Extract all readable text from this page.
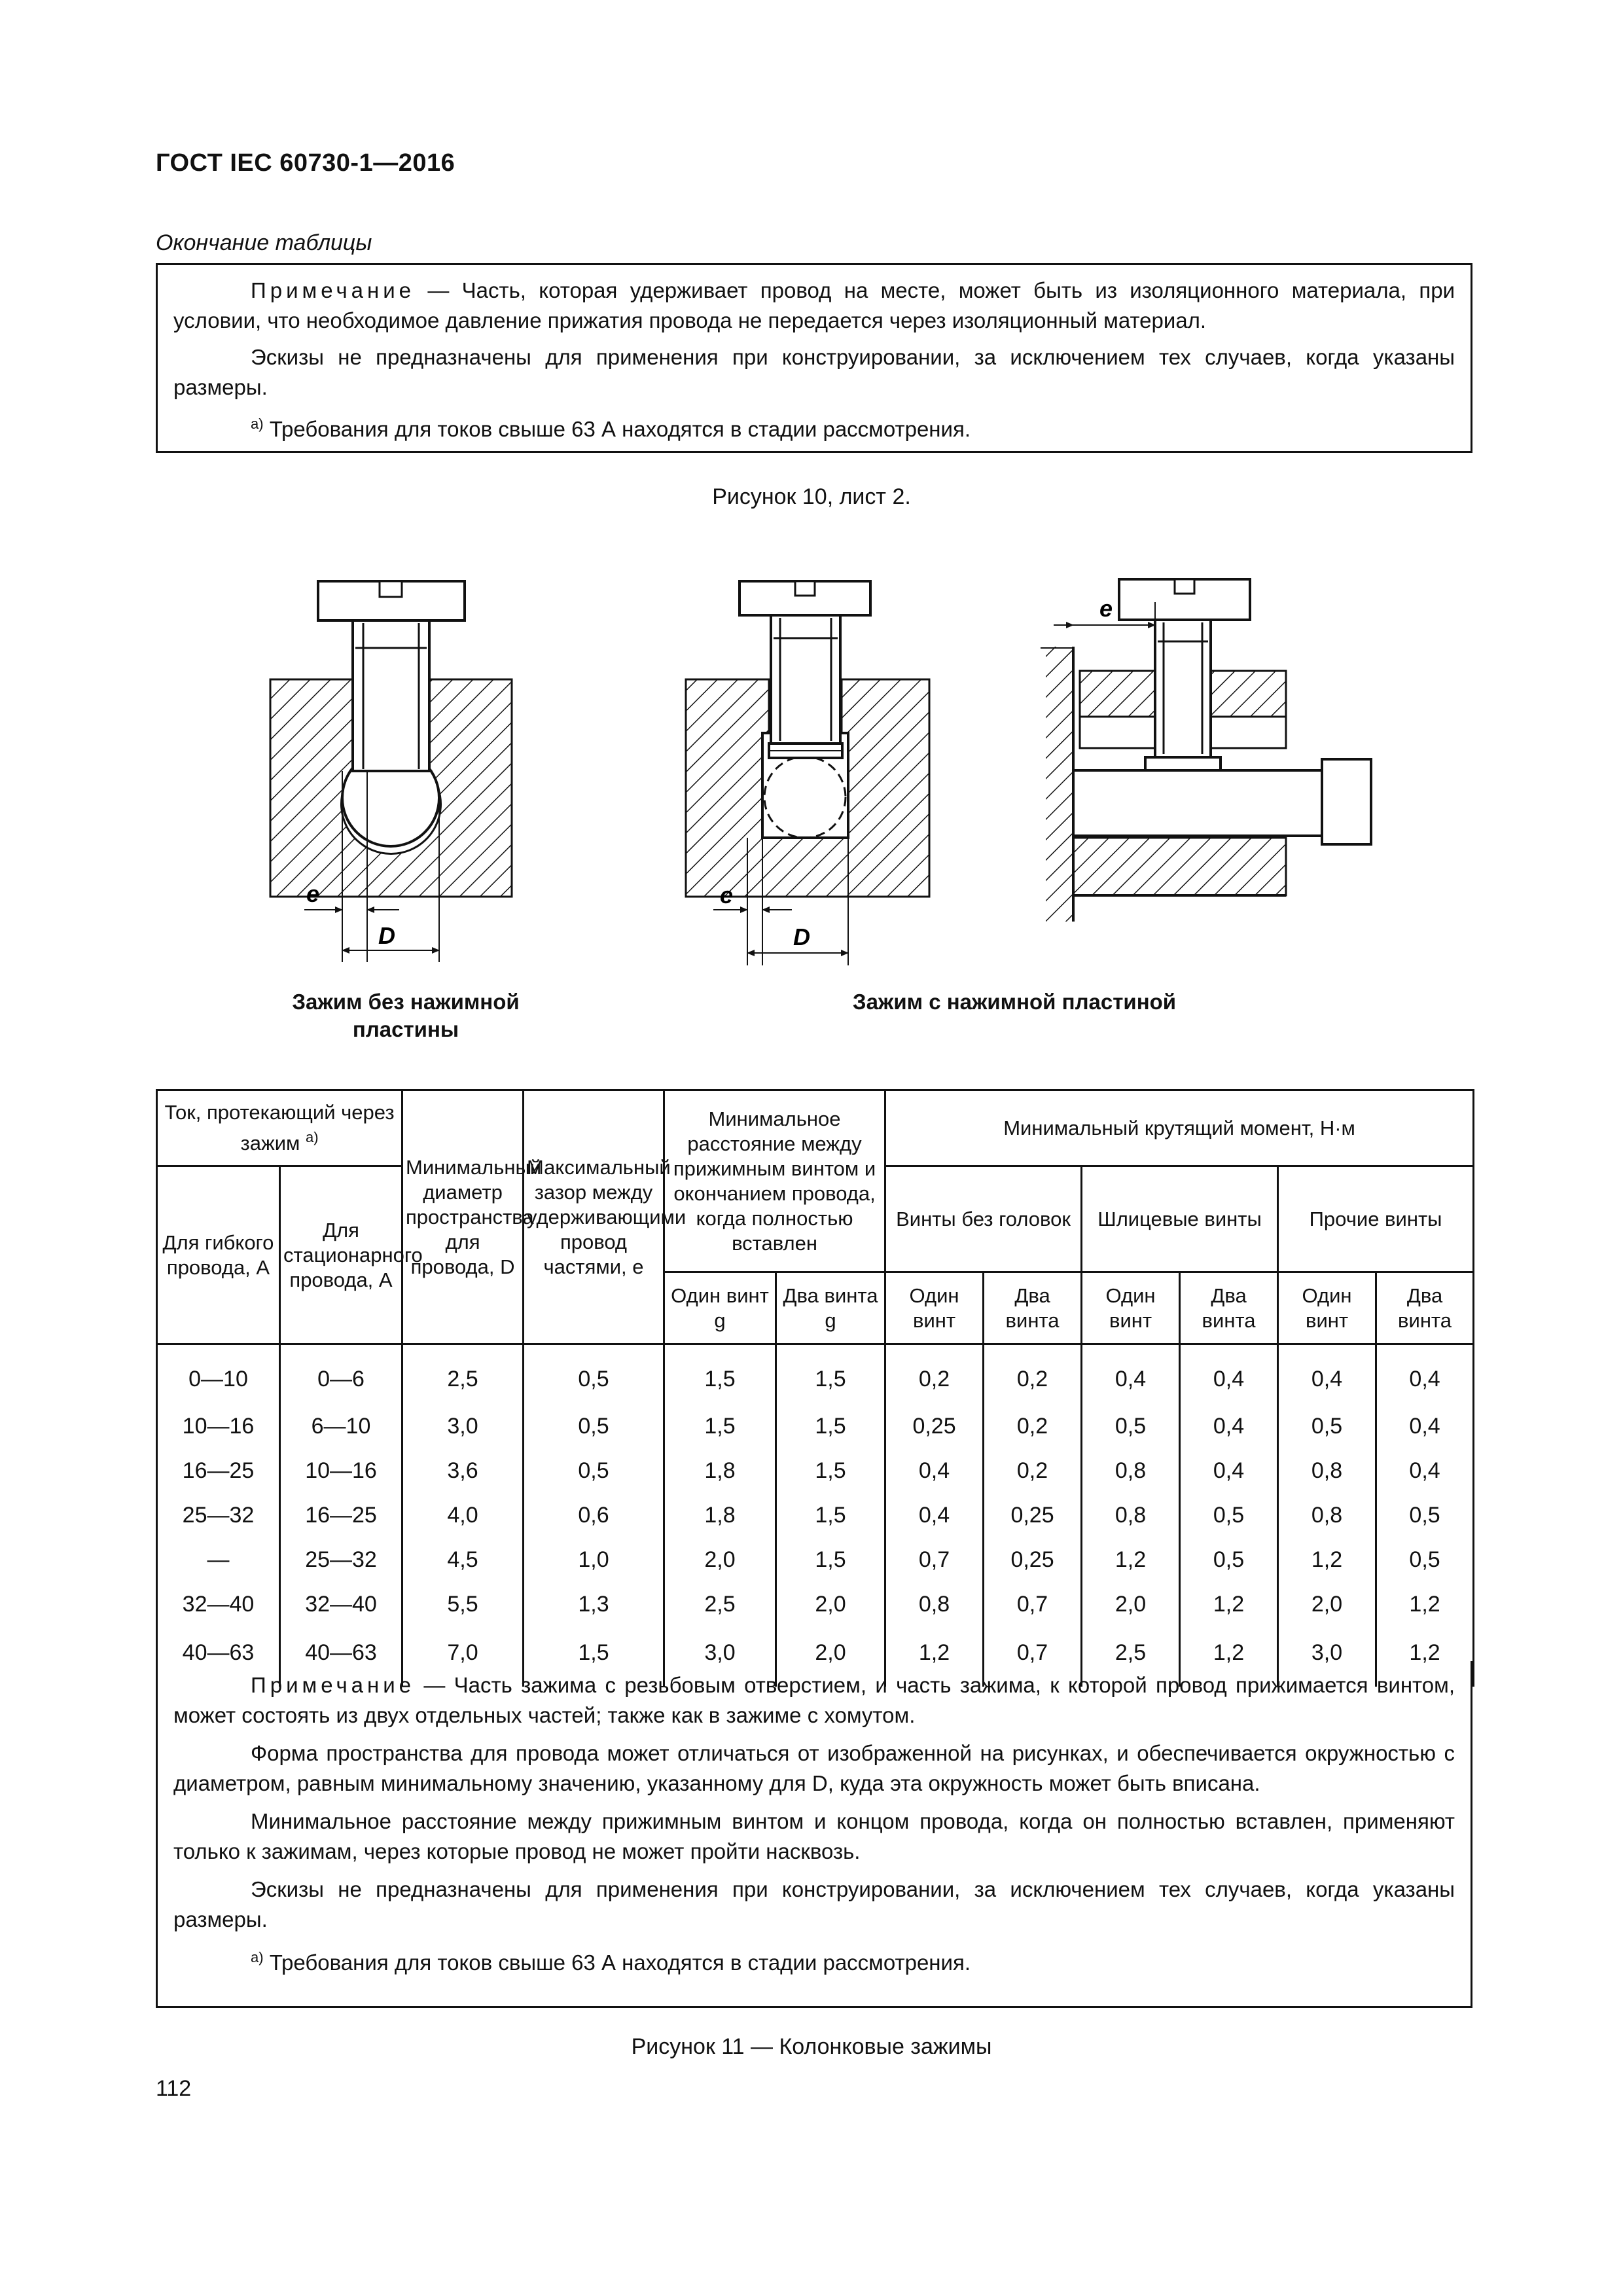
ГОСТ IEC 60730-1—2016
Окончание таблицы

Примечание — Часть, которая удерживает провод на месте, может быть из изоляционного материала, при условии, что необходимое давление прижатия провода не передается через изоляционный материал.

Эскизы не предназначены для применения при конструировании, за исключением тех случаев, когда указаны размеры.

$^{a)}$ Требования для токов свыше 63 А находятся в стадии рассмотрения.

Рисунок 10, лист 2.
e
D
e
D
e
Зажим без нажимной пластины
Зажим с нажимной пластиной
Ток, протекающий через зажим $^{a)}$		Минимальный диаметр пространства для провода, D	Максимальный зазор между удерживающими провод частями, e	Минимальное расстояние между прижимным винтом и окончанием провода, когда полностью вставлен		Минимальный крутящий момент, Н·м					
Для гибкого провода, А	Для стационарного провода, А					Винты без головок		Шлицевые винты		Прочие винты	
				Один винт g	Два винта g	Один винт	Два винта	Один винт	Два винта	Один винт	Два винта
0—10	0—6	2,5	0,5	1,5	1,5	0,2	0,2	0,4	0,4	0,4	0,4
10—16	6—10	3,0	0,5	1,5	1,5	0,25	0,2	0,5	0,4	0,5	0,4
16—25	10—16	3,6	0,5	1,8	1,5	0,4	0,2	0,8	0,4	0,8	0,4
25—32	16—25	4,0	0,6	1,8	1,5	0,4	0,25	0,8	0,5	0,8	0,5
—	25—32	4,5	1,0	2,0	1,5	0,7	0,25	1,2	0,5	1,2	0,5
32—40	32—40	5,5	1,3	2,5	2,0	0,8	0,7	2,0	1,2	2,0	1,2
40—63	40—63	7,0	1,5	3,0	2,0	1,2	0,7	2,5	1,2	3,0	1,2

Примечание — Часть зажима с резьбовым отверстием, и часть зажима, к которой провод прижимается винтом, может состоять из двух отдельных частей; также как в зажиме с хомутом.

Форма пространства для провода может отличаться от изображенной на рисунках, и обеспечивается окружностью с диаметром, равным минимальному значению, указанному для D, куда эта окружность может быть вписана.

Минимальное расстояние между прижимным винтом и концом провода, когда он полностью вставлен, применяют только к зажимам, через которые провод не может пройти насквозь.

Эскизы не предназначены для применения при конструировании, за исключением тех случаев, когда указаны размеры.

$^{a)}$ Требования для токов свыше 63 А находятся в стадии рассмотрения.

Рисунок 11 — Колонковые зажимы
112
